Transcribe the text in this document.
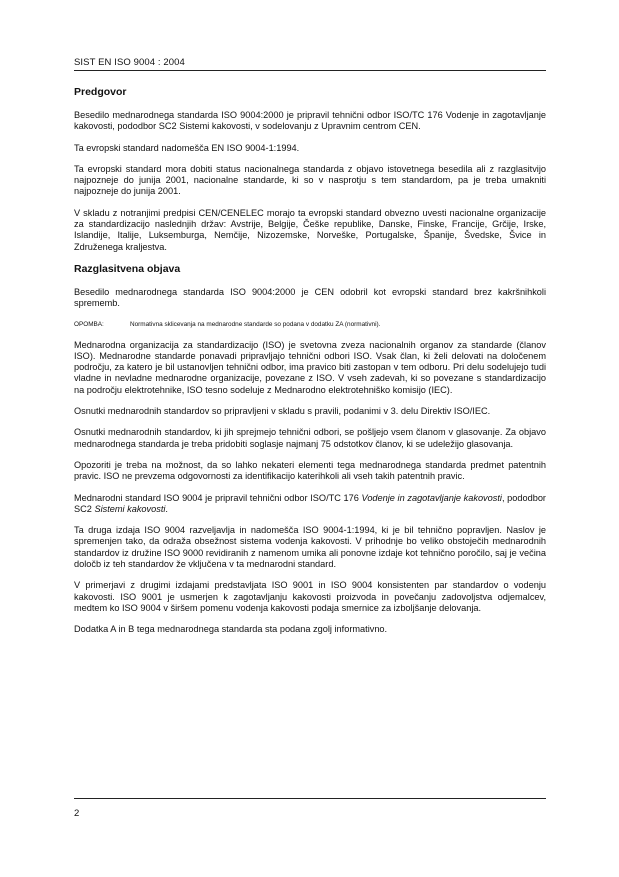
SIST EN ISO 9004 : 2004
Predgovor

Besedilo mednarodnega standarda ISO 9004:2000 je pripravil tehnični odbor ISO/TC 176 Vodenje in zagotavljanje kakovosti, pododbor SC2 Sistemi kakovosti, v sodelovanju z Upravnim centrom CEN.

Ta evropski standard nadomešča EN ISO 9004-1:1994.

Ta evropski standard mora dobiti status nacionalnega standarda z objavo istovetnega besedila ali z razglasitvijo najpozneje do junija 2001, nacionalne standarde, ki so v nasprotju s tem standardom, pa je treba umakniti najpozneje do junija 2001.

V skladu z notranjimi predpisi CEN/CENELEC morajo ta evropski standard obvezno uvesti nacionalne organizacije za standardizacijo naslednjih držav: Avstrije, Belgije, Češke republike, Danske, Finske, Francije, Grčije, Irske, Islandije, Italije, Luksemburga, Nemčije, Nizozemske, Norveške, Portugalske, Španije, Švedske, Švice in Združenega kraljestva.

Razglasitvena objava

Besedilo mednarodnega standarda ISO 9004:2000 je CEN odobril kot evropski standard brez kakršnihkoli sprememb.

OPOMBA:	Normativna sklicevanja na mednarodne standarde so podana v dodatku ZA (normativni).

Mednarodna organizacija za standardizacijo (ISO) je svetovna zveza nacionalnih organov za standarde (članov ISO). Mednarodne standarde ponavadi pripravljajo tehnični odbori ISO. Vsak član, ki želi delovati na določenem področju, za katero je bil ustanovljen tehnični odbor, ima pravico biti zastopan v tem odboru. Pri delu sodelujejo tudi vladne in nevladne mednarodne organizacije, povezane z ISO. V vseh zadevah, ki so povezane s standardizacijo na področju elektrotehnike, ISO tesno sodeluje z Mednarodno elektrotehniško komisijo (IEC).

Osnutki mednarodnih standardov so pripravljeni v skladu s pravili, podanimi v 3. delu Direktiv ISO/IEC.

Osnutki mednarodnih standardov, ki jih sprejmejo tehnični odbori, se pošljejo vsem članom v glasovanje. Za objavo mednarodnega standarda je treba pridobiti soglasje najmanj 75 odstotkov članov, ki se udeležijo glasovanja.

Opozoriti je treba na možnost, da so lahko nekateri elementi tega mednarodnega standarda predmet patentnih pravic. ISO ne prevzema odgovornosti za identifikacijo katerihkoli ali vseh takih patentnih pravic.

Mednarodni standard ISO 9004 je pripravil tehnični odbor ISO/TC 176 Vodenje in zagotavljanje kakovosti, pododbor SC2 Sistemi kakovosti.

Ta druga izdaja ISO 9004 razveljavlja in nadomešča ISO 9004-1:1994, ki je bil tehnično popravljen. Naslov je spremenjen tako, da odraža obsežnost sistema vodenja kakovosti. V prihodnje bo veliko obstoječih mednarodnih standardov iz družine ISO 9000 revidiranih z namenom umika ali ponovne izdaje kot tehnično poročilo, saj je večina določb iz teh standardov že vključena v ta mednarodni standard.

V primerjavi z drugimi izdajami predstavljata ISO 9001 in ISO 9004 konsistenten par standardov o vodenju kakovosti. ISO 9001 je usmerjen k zagotavljanju kakovosti proizvoda in povečanju zadovoljstva odjemalcev, medtem ko ISO 9004 v širšem pomenu vodenja kakovosti podaja smernice za izboljšanje delovanja.

Dodatka A in B tega mednarodnega standarda sta podana zgolj informativno.

2
